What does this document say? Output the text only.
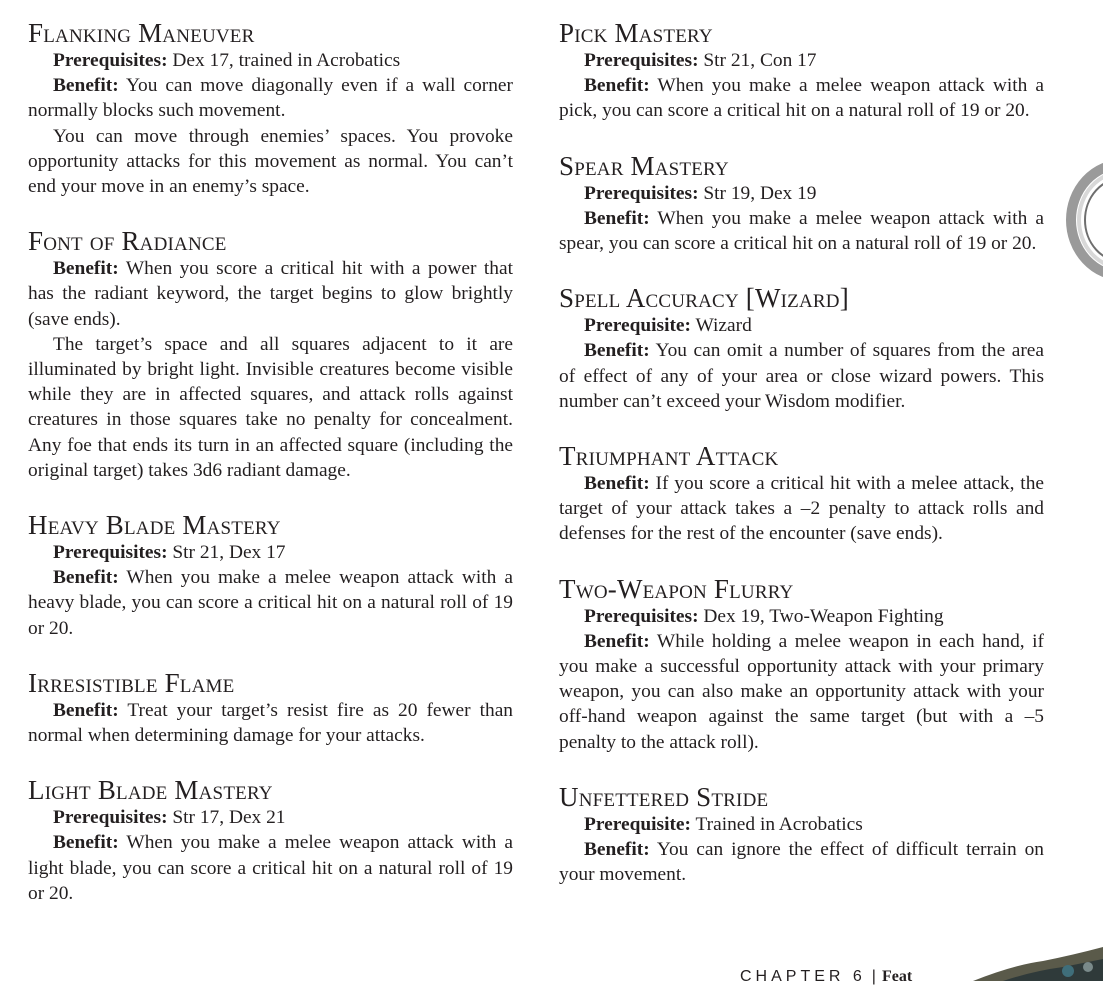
Flanking Maneuver
Prerequisites: Dex 17, trained in Acrobatics
Benefit: You can move diagonally even if a wall corner normally blocks such movement.
You can move through enemies’ spaces. You provoke opportunity attacks for this movement as normal. You can’t end your move in an enemy’s space.
Font of Radiance
Benefit: When you score a critical hit with a power that has the radiant keyword, the target begins to glow brightly (save ends).
The target’s space and all squares adjacent to it are illuminated by bright light. Invisible creatures become visible while they are in affected squares, and attack rolls against creatures in those squares take no penalty for concealment. Any foe that ends its turn in an affected square (including the original target) takes 3d6 radiant damage.
Heavy Blade Mastery
Prerequisites: Str 21, Dex 17
Benefit: When you make a melee weapon attack with a heavy blade, you can score a critical hit on a natural roll of 19 or 20.
Irresistible Flame
Benefit: Treat your target’s resist fire as 20 fewer than normal when determining damage for your attacks.
Light Blade Mastery
Prerequisites: Str 17, Dex 21
Benefit: When you make a melee weapon attack with a light blade, you can score a critical hit on a natural roll of 19 or 20.
Pick Mastery
Prerequisites: Str 21, Con 17
Benefit: When you make a melee weapon attack with a pick, you can score a critical hit on a natural roll of 19 or 20.
Spear Mastery
Prerequisites: Str 19, Dex 19
Benefit: When you make a melee weapon attack with a spear, you can score a critical hit on a natural roll of 19 or 20.
Spell Accuracy [Wizard]
Prerequisite: Wizard
Benefit: You can omit a number of squares from the area of effect of any of your area or close wizard powers. This number can’t exceed your Wisdom modifier.
Triumphant Attack
Benefit: If you score a critical hit with a melee attack, the target of your attack takes a –2 penalty to attack rolls and defenses for the rest of the encounter (save ends).
Two-Weapon Flurry
Prerequisites: Dex 19, Two-Weapon Fighting
Benefit: While holding a melee weapon in each hand, if you make a successful opportunity attack with your primary weapon, you can also make an opportunity attack with your off-hand weapon against the same target (but with a –5 penalty to the attack roll).
Unfettered Stride
Prerequisite: Trained in Acrobatics
Benefit: You can ignore the effect of difficult terrain on your movement.
CHAPTER 6 | Feat
